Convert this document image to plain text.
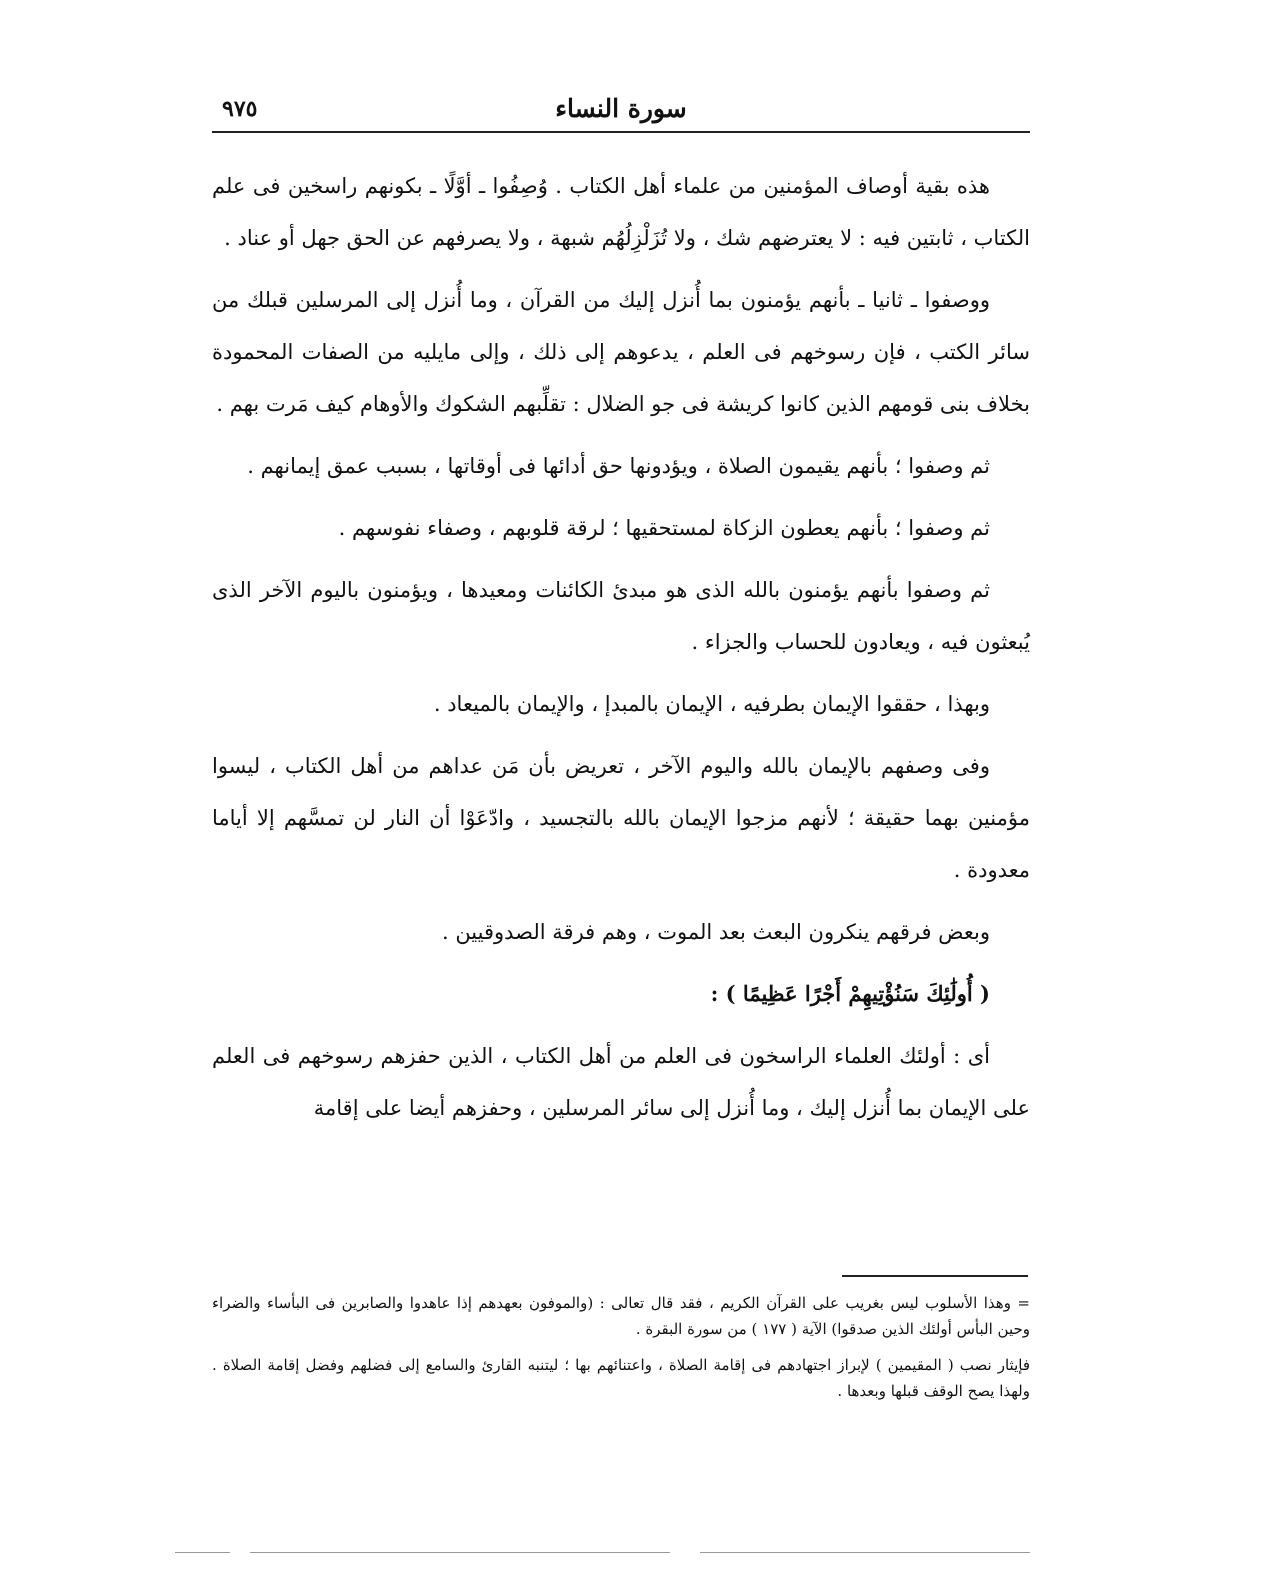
سورة النساء
٩٧٥

هذه بقية أوصاف المؤمنين من علماء أهل الكتاب . وُصِفُوا ـ أوَّلًا ـ بكونهم راسخين فى علم الكتاب ، ثابتين فيه : لا يعترضهم شك ، ولا تُزَلْزِلُهُم شبهة ، ولا يصرفهم عن الحق جهل أو عناد .

ووصفوا ـ ثانيا ـ بأنهم يؤمنون بما أُنزل إليك من القرآن ، وما أُنزل إلى المرسلين قبلك من سائر الكتب ، فإن رسوخهم فى العلم ، يدعوهم إلى ذلك ، وإلى مايليه من الصفات المحمودة بخلاف بنى قومهم الذين كانوا كريشة فى جو الضلال : تقلِّبهم الشكوك والأوهام كيف مَرت بهم .

ثم وصفوا ؛ بأنهم يقيمون الصلاة ، ويؤدونها حق أدائها فى أوقاتها ، بسبب عمق إيمانهم .

ثم وصفوا ؛ بأنهم يعطون الزكاة لمستحقيها ؛ لرقة قلوبهم ، وصفاء نفوسهم .

ثم وصفوا بأنهم يؤمنون بالله الذى هو مبدئ الكائنات ومعيدها ، ويؤمنون باليوم الآخر الذى يُبعثون فيه ، ويعادون للحساب والجزاء .

وبهذا ، حققوا الإيمان بطرفيه ، الإيمان بالمبدإ ، والإيمان بالميعاد .

وفى وصفهم بالإيمان بالله واليوم الآخر ، تعريض بأن مَن عداهم من أهل الكتاب ، ليسوا مؤمنين بهما حقيقة ؛ لأنهم مزجوا الإيمان بالله بالتجسيد ، وادّعَوْا أن النار لن تمسَّهم إلا أياما معدودة .

وبعض فرقهم ينكرون البعث بعد الموت ، وهم فرقة الصدوقيين .

( أُولَٰئِكَ سَنُؤْتِيهِمْ أَجْرًا عَظِيمًا ) :

أى : أولئك العلماء الراسخون فى العلم من أهل الكتاب ، الذين حفزهم رسوخهم فى العلم على الإيمان بما أُنزل إليك ، وما أُنزل إلى سائر المرسلين ، وحفزهم أيضا على إقامة

= وهذا الأسلوب ليس بغريب على القرآن الكريم ، فقد قال تعالى : (والموفون بعهدهم إذا عاهدوا والصابرين فى البأساء والضراء وحين البأس أولئك الذين صدقوا) الآية ( ١٧٧ ) من سورة البقرة .

فإيثار نصب ( المقيمين ) لإبراز اجتهادهم فى إقامة الصلاة ، واعتنائهم بها ؛ ليتنبه القارئ والسامع إلى فضلهم وفضل إقامة الصلاة . ولهذا يصح الوقف قبلها وبعدها .
